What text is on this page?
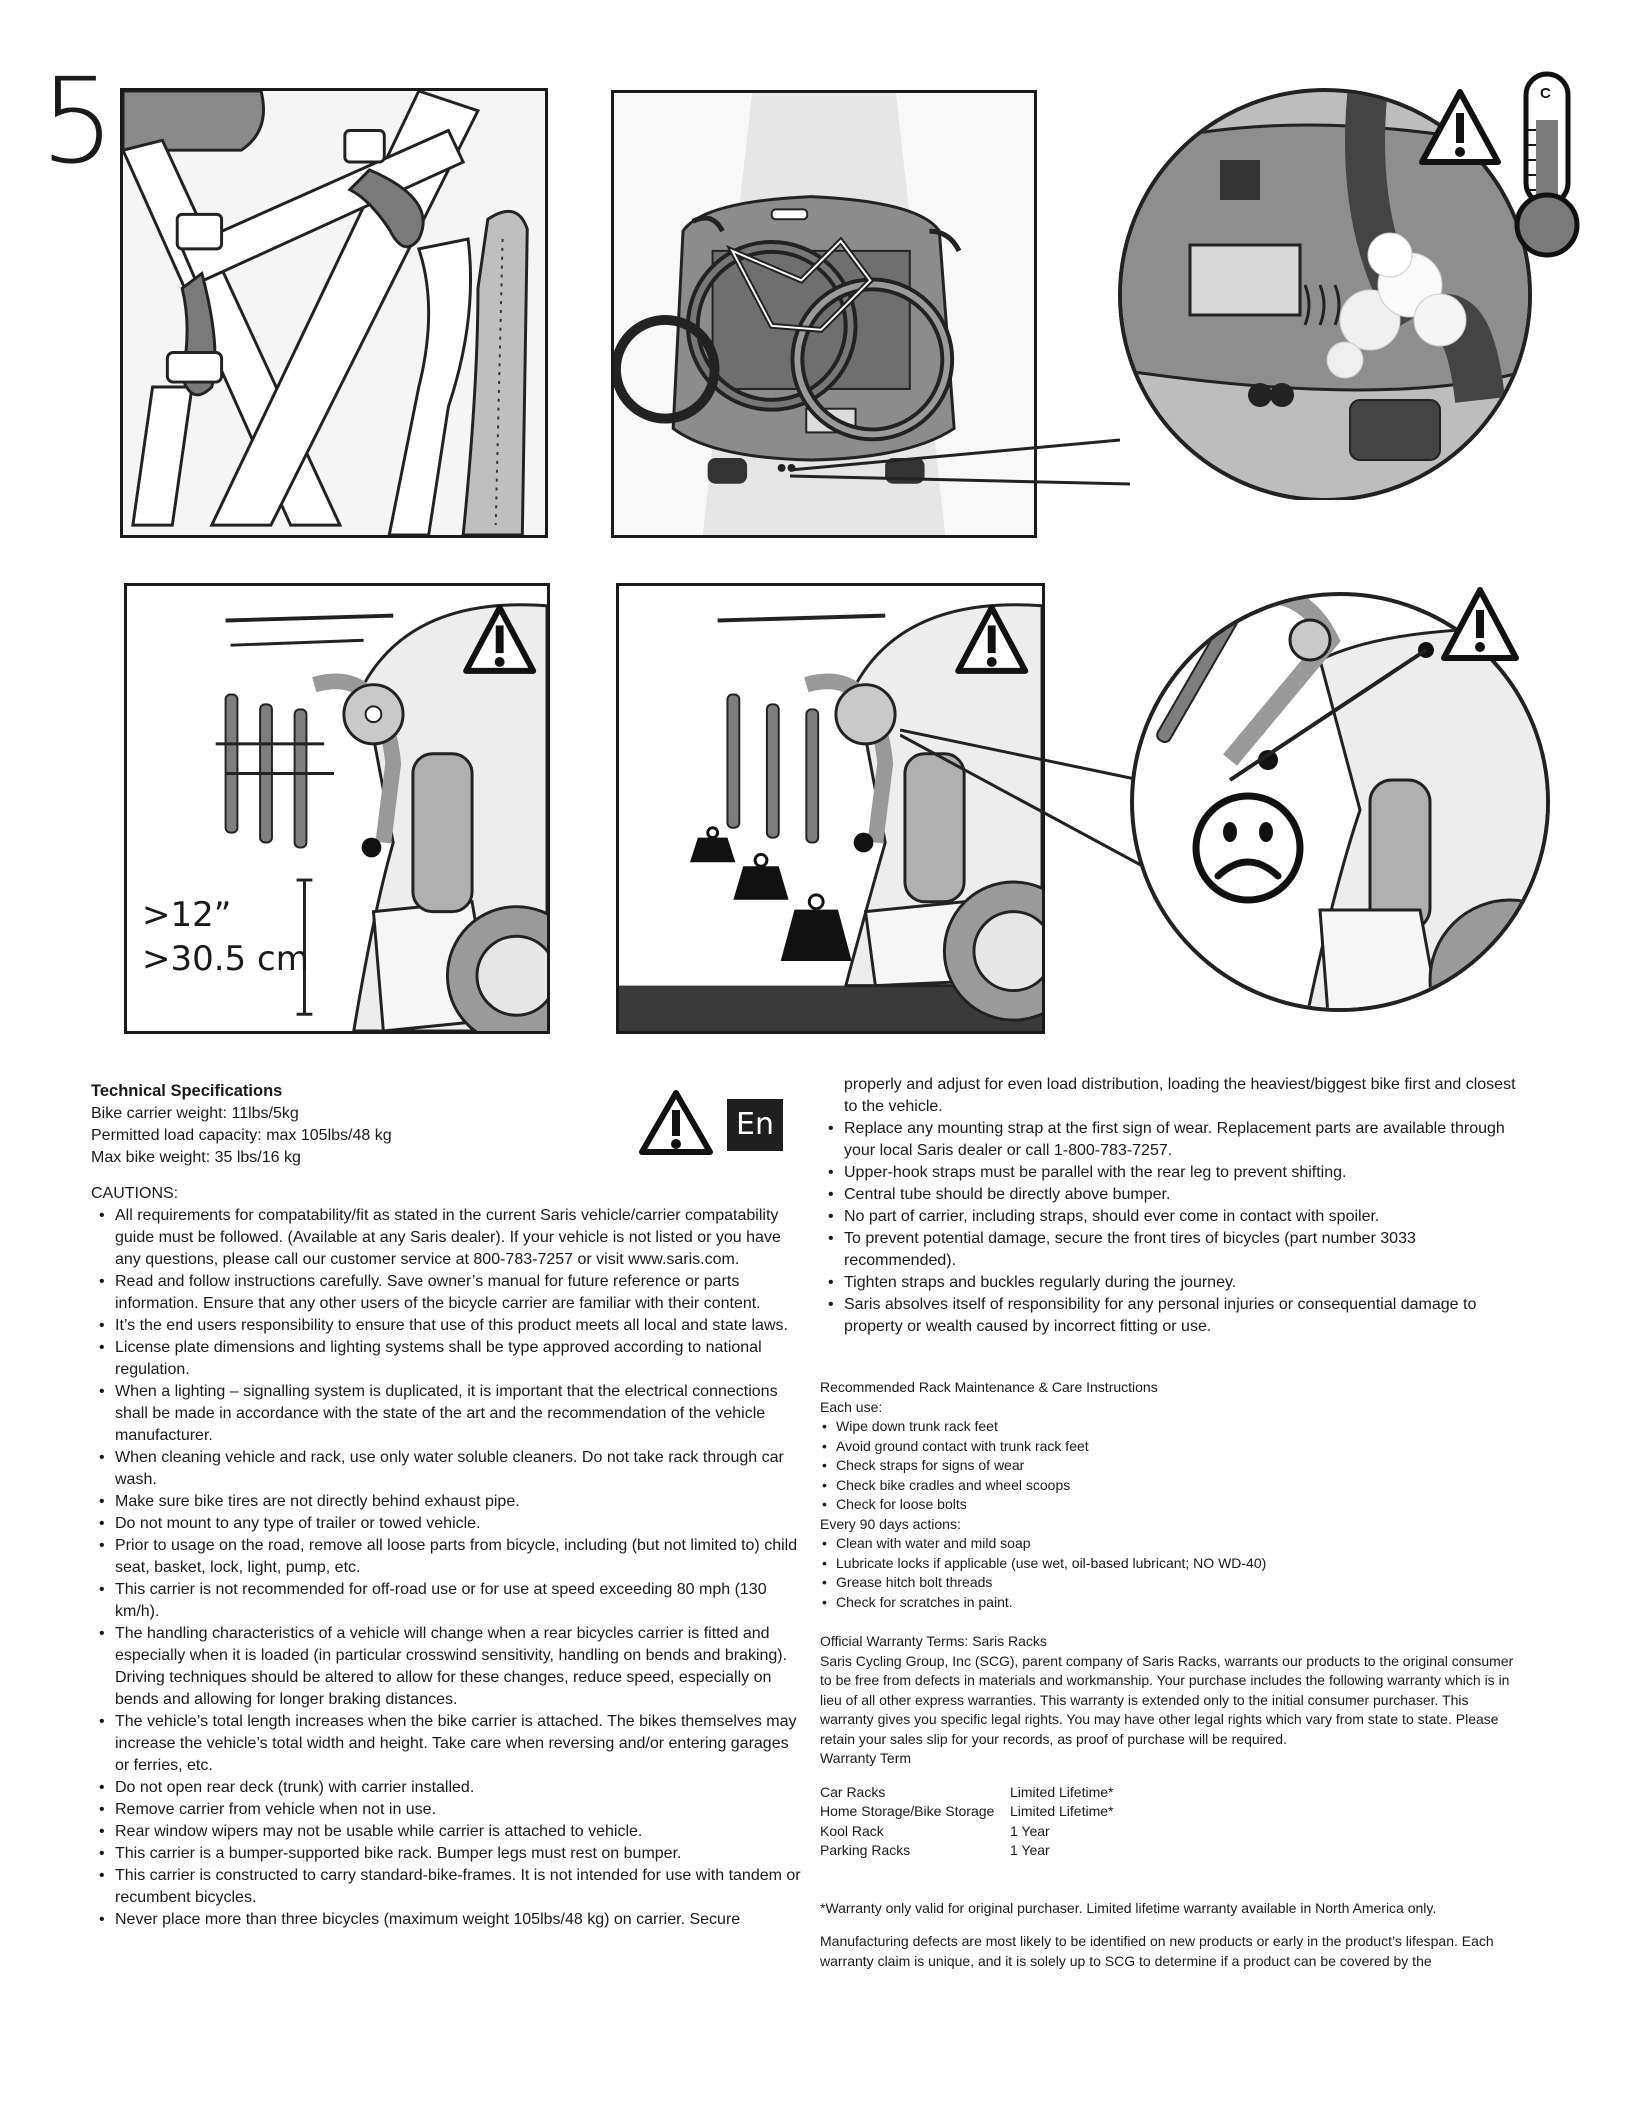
5	C
>12”
>30.5 cm
En
Technical Specifications
Bike carrier weight: 11lbs/5kg
Permitted load capacity: max 105lbs/48 kg
Max bike weight: 35 lbs/16 kg
CAUTIONS:
• All requirements for compatability/fit as stated in the current Saris vehicle/carrier compatability guide must be followed. (Available at any Saris dealer). If your vehicle is not listed or you have any questions, please call our customer service at 800-783-7257 or visit www.saris.com.
• Read and follow instructions carefully. Save owner’s manual for future reference or parts information. Ensure that any other users of the bicycle carrier are familiar with their content.
• It’s the end users responsibility to ensure that use of this product meets all local and state laws.
• License plate dimensions and lighting systems shall be type approved according to national regulation.
• When a lighting – signalling system is duplicated, it is important that the electrical connections shall be made in accordance with the state of the art and the recommendation of the vehicle manufacturer.
• When cleaning vehicle and rack, use only water soluble cleaners. Do not take rack through car wash.
• Make sure bike tires are not directly behind exhaust pipe.
• Do not mount to any type of trailer or towed vehicle.
• Prior to usage on the road, remove all loose parts from bicycle, including (but not limited to) child seat, basket, lock, light, pump, etc.
• This carrier is not recommended for off-road use or for use at speed exceeding 80 mph (130 km/h).
• The handling characteristics of a vehicle will change when a rear bicycles carrier is fitted and especially when it is loaded (in particular crosswind sensitivity, handling on bends and braking). Driving techniques should be altered to allow for these changes, reduce speed, especially on bends and allowing for longer braking distances.
• The vehicle’s total length increases when the bike carrier is attached. The bikes themselves may increase the vehicle’s total width and height. Take care when reversing and/or entering garages or ferries, etc.
• Do not open rear deck (trunk) with carrier installed.
• Remove carrier from vehicle when not in use.
• Rear window wipers may not be usable while carrier is attached to vehicle.
• This carrier is a bumper-supported bike rack. Bumper legs must rest on bumper.
• This carrier is constructed to carry standard-bike-frames. It is not intended for use with tandem or recumbent bicycles.
• Never place more than three bicycles (maximum weight 105lbs/48 kg) on carrier. Secure
properly and adjust for even load distribution, loading the heaviest/biggest bike first and closest to the vehicle.
• Replace any mounting strap at the first sign of wear. Replacement parts are available through your local Saris dealer or call 1-800-783-7257.
• Upper-hook straps must be parallel with the rear leg to prevent shifting.
• Central tube should be directly above bumper.
• No part of carrier, including straps, should ever come in contact with spoiler.
• To prevent potential damage, secure the front tires of bicycles (part number 3033 recommended).
• Tighten straps and buckles regularly during the journey.
• Saris absolves itself of responsibility for any personal injuries or consequential damage to property or wealth caused by incorrect fitting or use.
Recommended Rack Maintenance & Care Instructions
Each use:
• Wipe down trunk rack feet
• Avoid ground contact with trunk rack feet
• Check straps for signs of wear
• Check bike cradles and wheel scoops
• Check for loose bolts
Every 90 days actions:
• Clean with water and mild soap
• Lubricate locks if applicable (use wet, oil-based lubricant; NO WD-40)
• Grease hitch bolt threads
• Check for scratches in paint.
Official Warranty Terms: Saris Racks
Saris Cycling Group, Inc (SCG), parent company of Saris Racks, warrants our products to the original consumer to be free from defects in materials and workmanship. Your purchase includes the following warranty which is in lieu of all other express warranties. This warranty is extended only to the initial consumer purchaser. This warranty gives you specific legal rights. You may have other legal rights which vary from state to state. Please retain your sales slip for your records, as proof of purchase will be required.
Warranty Term
Car Racks	Limited Lifetime*
Home Storage/Bike Storage	Limited Lifetime*
Kool Rack	1 Year
Parking Racks	1 Year
*Warranty only valid for original purchaser. Limited lifetime warranty available in North America only.
Manufacturing defects are most likely to be identified on new products or early in the product’s lifespan. Each warranty claim is unique, and it is solely up to SCG to determine if a product can be covered by the
